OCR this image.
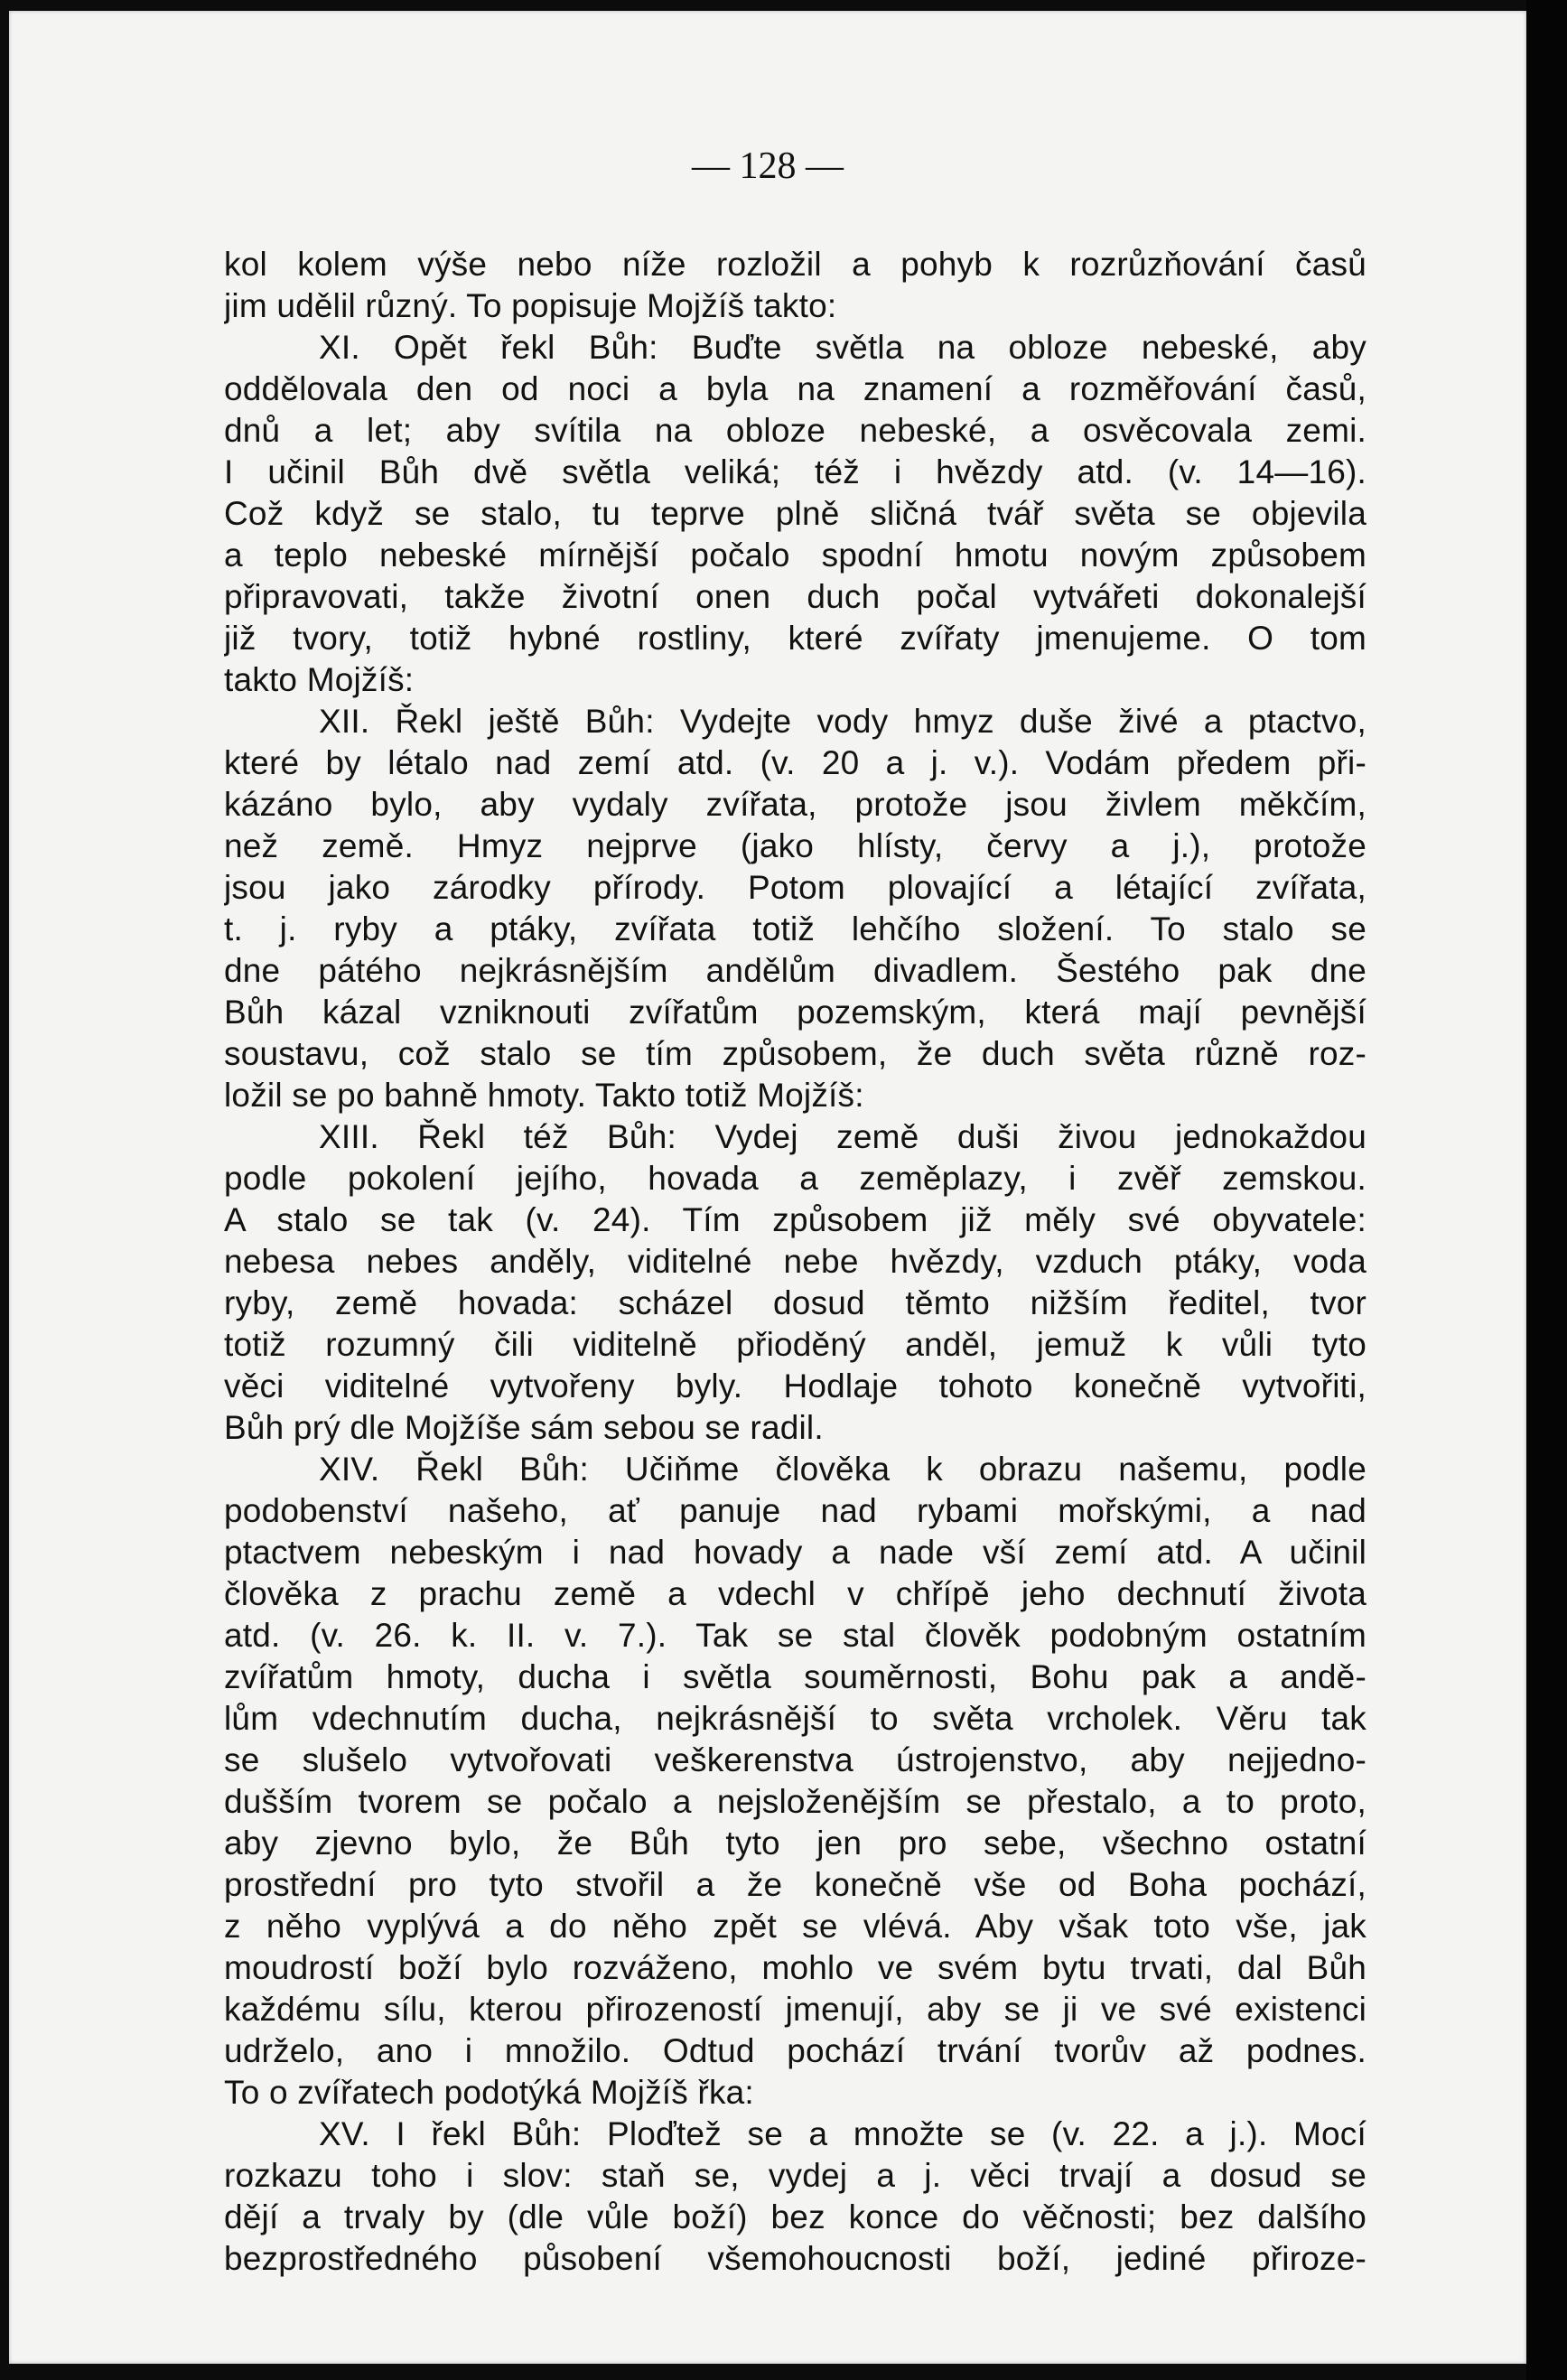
— 128 —
kol kolem výše nebo níže rozložil a pohyb k rozrůzňování časů
jim udělil různý. To popisuje Mojžíš takto:
XI. Opět řekl Bůh: Buďte světla na obloze nebeské, aby
oddělovala den od noci a byla na znamení a rozměřování časů,
dnů a let; aby svítila na obloze nebeské, a osvěcovala zemi.
I učinil Bůh dvě světla veliká; též i hvězdy atd. (v. 14—16).
Což když se stalo, tu teprve plně sličná tvář světa se objevila
a teplo nebeské mírnější počalo spodní hmotu novým způsobem
připravovati, takže životní onen duch počal vytvářeti dokonalejší
již tvory, totiž hybné rostliny, které zvířaty jmenujeme. O tom
takto Mojžíš:
XII. Řekl ještě Bůh: Vydejte vody hmyz duše živé a ptactvo,
které by létalo nad zemí atd. (v. 20 a j. v.). Vodám předem při-
kázáno bylo, aby vydaly zvířata, protože jsou živlem měkčím,
než země. Hmyz nejprve (jako hlísty, červy a j.), protože
jsou jako zárodky přírody. Potom plovající a létající zvířata,
t. j. ryby a ptáky, zvířata totiž lehčího složení. To stalo se
dne pátého nejkrásnějším andělům divadlem. Šestého pak dne
Bůh kázal vzniknouti zvířatům pozemským, která mají pevnější
soustavu, což stalo se tím způsobem, že duch světa různě roz-
ložil se po bahně hmoty. Takto totiž Mojžíš:
XIII. Řekl též Bůh: Vydej země duši živou jednokaždou
podle pokolení jejího, hovada a zeměplazy, i zvěř zemskou.
A stalo se tak (v. 24). Tím způsobem již měly své obyvatele:
nebesa nebes anděly, viditelné nebe hvězdy, vzduch ptáky, voda
ryby, země hovada: scházel dosud těmto nižším ředitel, tvor
totiž rozumný čili viditelně přioděný anděl, jemuž k vůli tyto
věci viditelné vytvořeny byly. Hodlaje tohoto konečně vytvořiti,
Bůh prý dle Mojžíše sám sebou se radil.
XIV. Řekl Bůh: Učiňme člověka k obrazu našemu, podle
podobenství našeho, ať panuje nad rybami mořskými, a nad
ptactvem nebeským i nad hovady a nade vší zemí atd. A učinil
člověka z prachu země a vdechl v chřípě jeho dechnutí života
atd. (v. 26. k. II. v. 7.). Tak se stal člověk podobným ostatním
zvířatům hmoty, ducha i světla souměrnosti, Bohu pak a andě-
lům vdechnutím ducha, nejkrásnější to světa vrcholek. Věru tak
se slušelo vytvořovati veškerenstva ústrojenstvo, aby nejjedno-
dušším tvorem se počalo a nejsloženějším se přestalo, a to proto,
aby zjevno bylo, že Bůh tyto jen pro sebe, všechno ostatní
prostřední pro tyto stvořil a že konečně vše od Boha pochází,
z něho vyplývá a do něho zpět se vlévá. Aby však toto vše, jak
moudrostí boží bylo rozváženo, mohlo ve svém bytu trvati, dal Bůh
každému sílu, kterou přirozeností jmenují, aby se ji ve své existenci
udrželo, ano i množilo. Odtud pochází trvání tvorův až podnes.
To o zvířatech podotýká Mojžíš řka:
XV. I řekl Bůh: Ploďtež se a množte se (v. 22. a j.). Mocí
rozkazu toho i slov: staň se, vydej a j. věci trvají a dosud se
dějí a trvaly by (dle vůle boží) bez konce do věčnosti; bez dalšího
bezprostředného působení všemohoucnosti boží, jediné přiroze-
